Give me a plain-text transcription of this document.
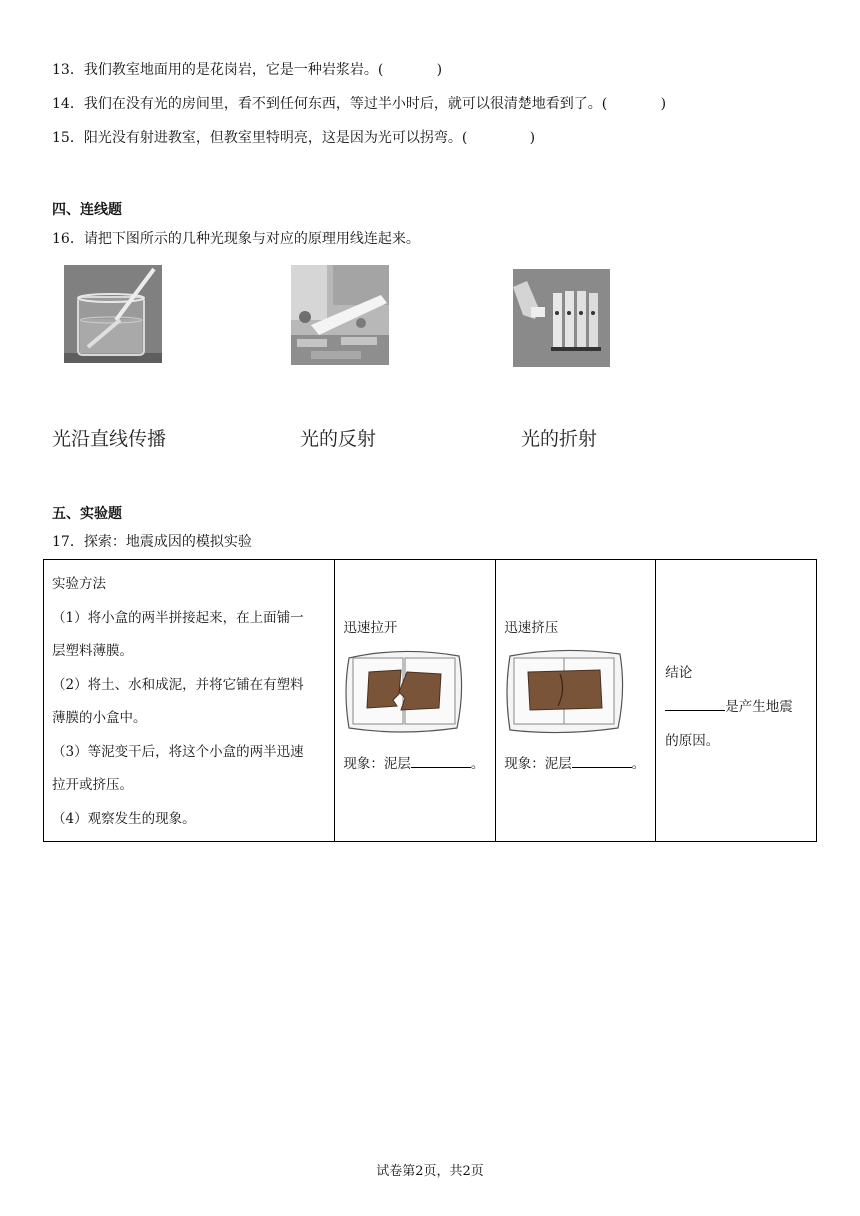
13．我们教室地面用的是花岗岩，它是一种岩浆岩。(            )
14．我们在没有光的房间里，看不到任何东西，等过半小时后，就可以很清楚地看到了。(            )
15．阳光没有射进教室，但教室里特明亮，这是因为光可以拐弯。(              )
四、连线题
16．请把下图所示的几种光现象与对应的原理用线连起来。
光沿直线传播	光的反射	光的折射
五、实验题
17．探索：地震成因的模拟实验
实验方法
（1）将小盒的两半拼接起来，在上面铺一
层塑料薄膜。
（2）将土、水和成泥，并将它铺在有塑料
薄膜的小盒中。
（3）等泥变干后，将这个小盒的两半迅速
拉开或挤压。
（4）观察发生的现象。

迅速拉开
现象：泥层	。

迅速挤压
现象：泥层	。

结论
是产生地震
的原因。
试卷第2页，共2页
